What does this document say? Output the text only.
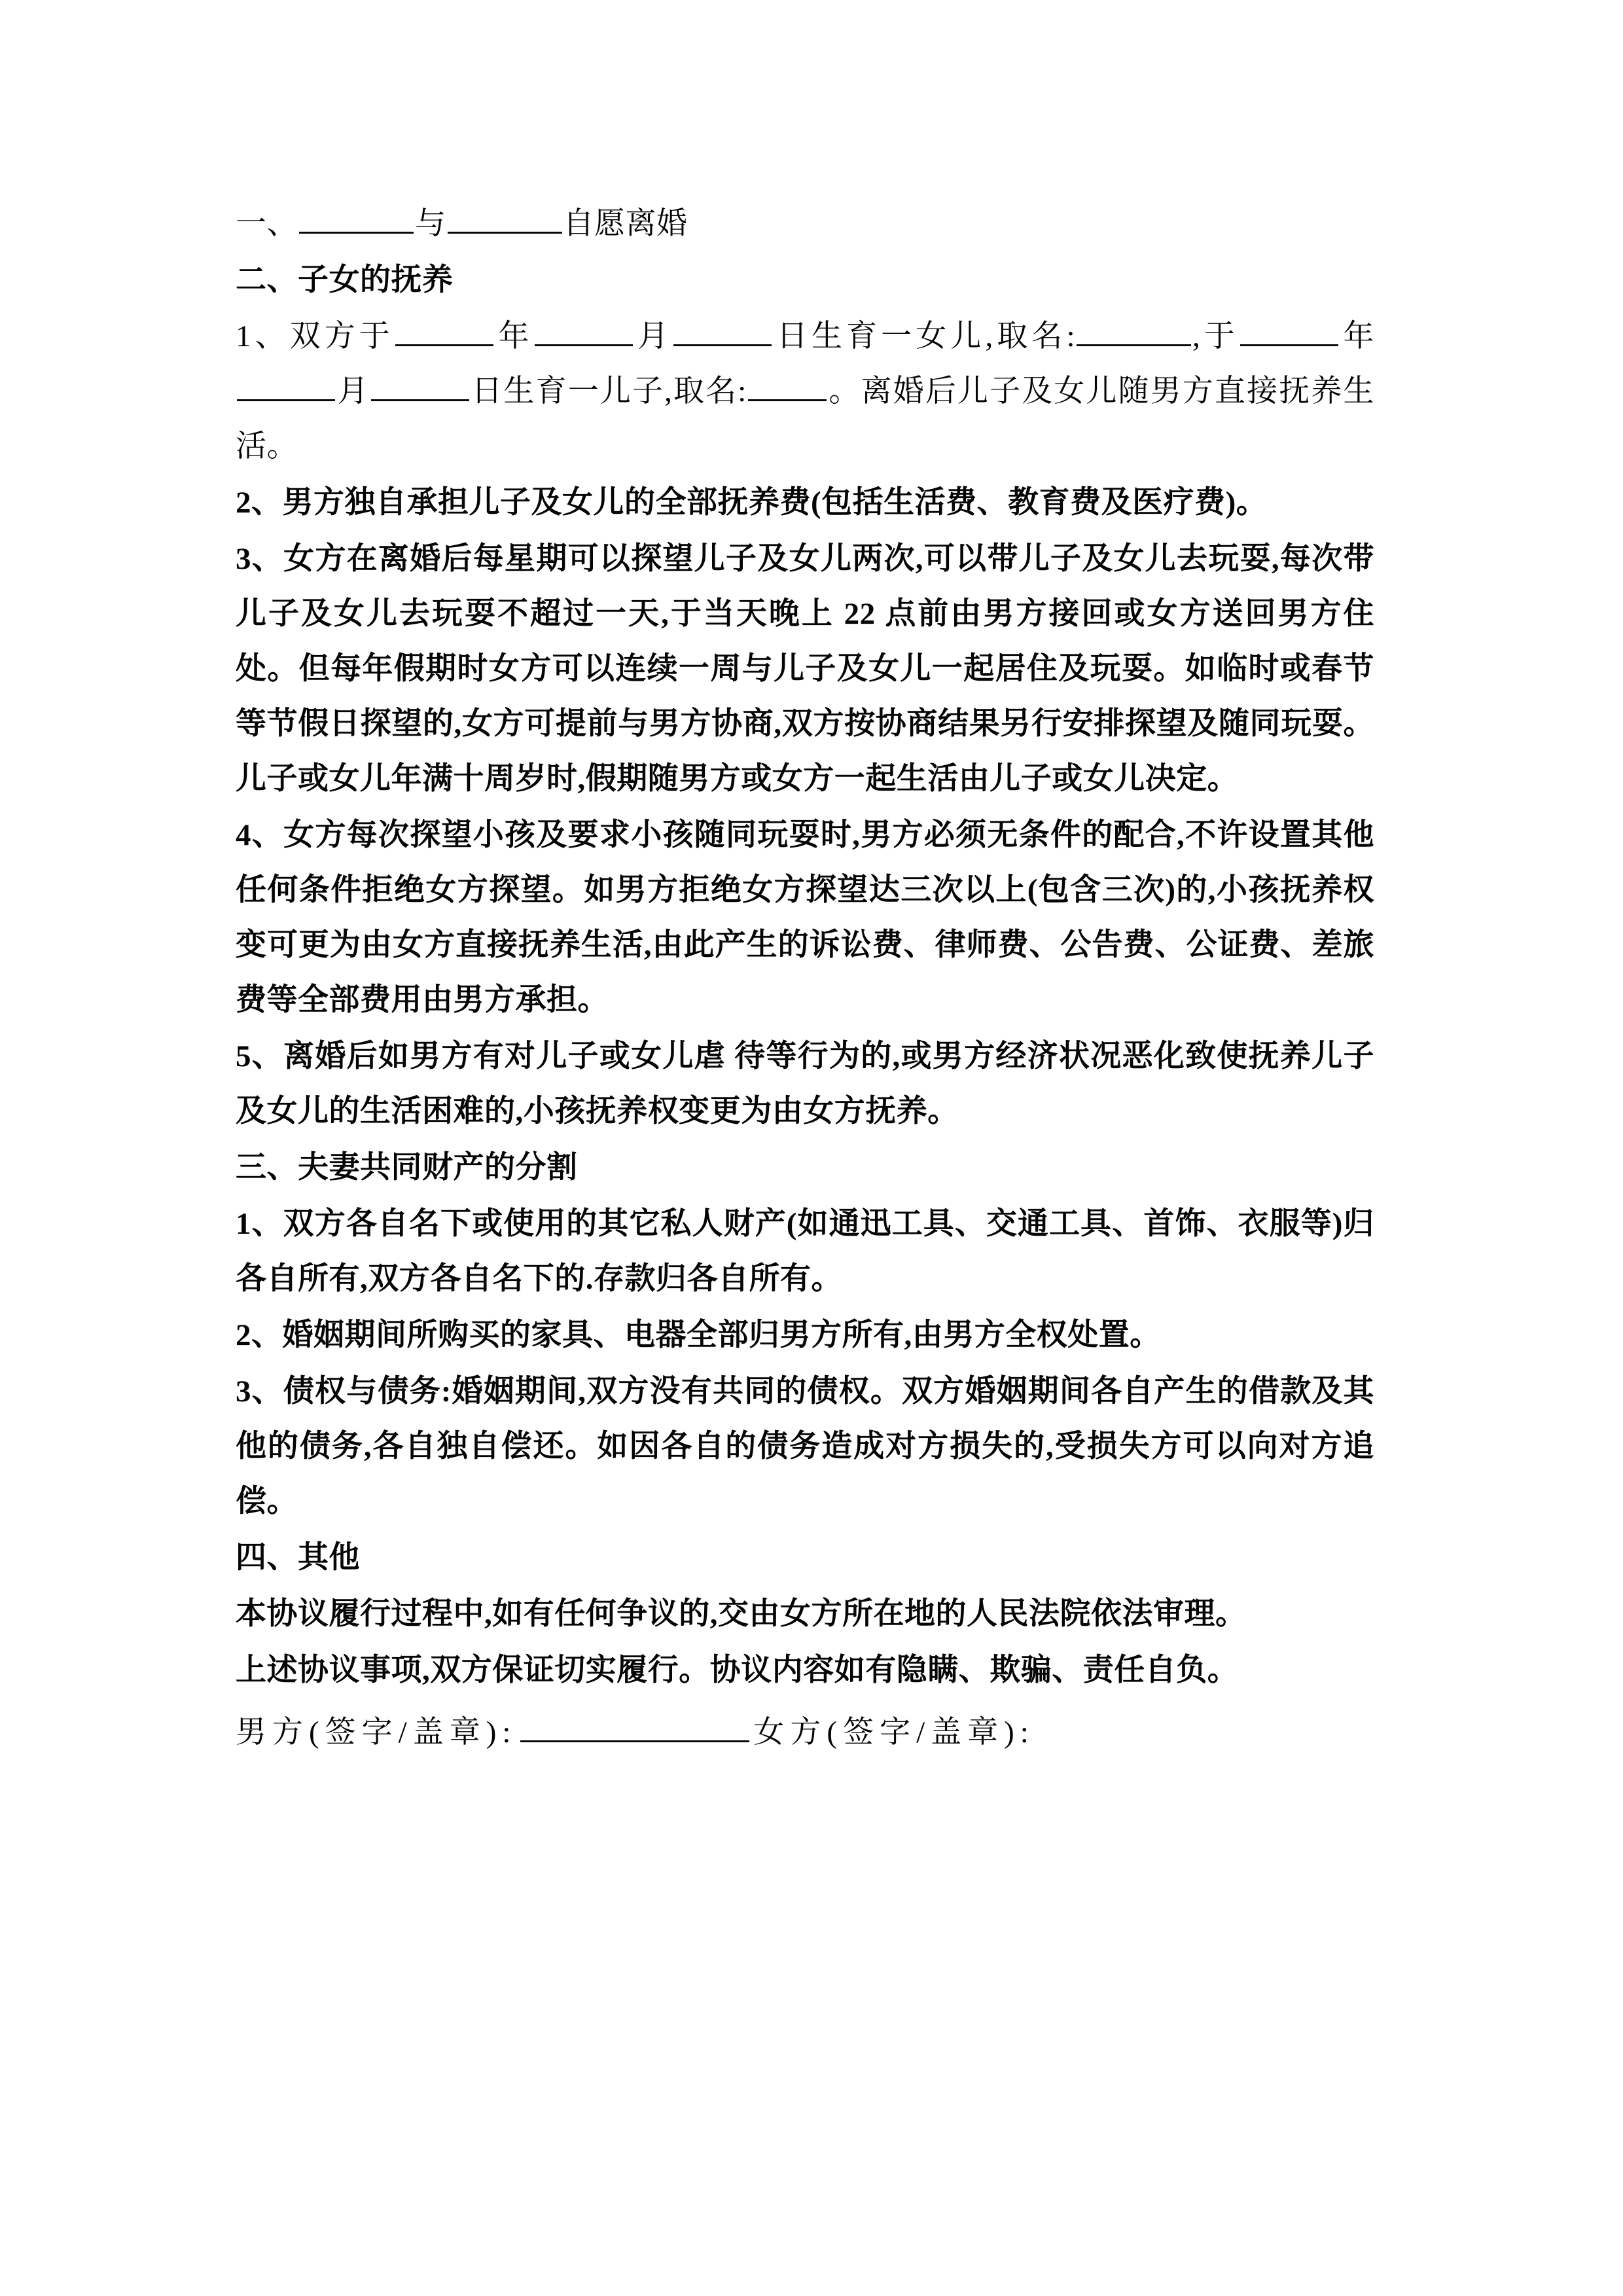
一、	与	自愿离婚

二、子女的抚养

1、双方于	年	月	日生育一女儿,取名:	,于	年月	日生育一儿子,取名:	。离婚后儿子及女儿随男方直接抚养生活。

2、男方独自承担儿子及女儿的全部抚养费(包括生活费、教育费及医疗费)。

3、女方在离婚后每星期可以探望儿子及女儿两次,可以带儿子及女儿去玩耍,每次带儿子及女儿去玩耍不超过一天,于当天晚上 22 点前由男方接回或女方送回男方住处。但每年假期时女方可以连续一周与儿子及女儿一起居住及玩耍。如临时或春节等节假日探望的,女方可提前与男方协商,双方按协商结果另行安排探望及随同玩耍。儿子或女儿年满十周岁时,假期随男方或女方一起生活由儿子或女儿决定。

4、女方每次探望小孩及要求小孩随同玩耍时,男方必须无条件的配合,不许设置其他任何条件拒绝女方探望。如男方拒绝女方探望达三次以上(包含三次)的,小孩抚养权变可更为由女方直接抚养生活,由此产生的诉讼费、律师费、公告费、公证费、差旅费等全部费用由男方承担。

5、离婚后如男方有对儿子或女儿虐 待等行为的,或男方经济状况恶化致使抚养儿子及女儿的生活困难的,小孩抚养权变更为由女方抚养。

三、夫妻共同财产的分割

1、双方各自名下或使用的其它私人财产(如通迅工具、交通工具、首饰、衣服等)归各自所有,双方各自名下的.存款归各自所有。

2、婚姻期间所购买的家具、电器全部归男方所有,由男方全权处置。

3、债权与债务:婚姻期间,双方没有共同的债权。双方婚姻期间各自产生的借款及其他的债务,各自独自偿还。如因各自的债务造成对方损失的,受损失方可以向对方追偿。

四、其他

本协议履行过程中,如有任何争议的,交由女方所在地的人民法院依法审理。

上述协议事项,双方保证切实履行。协议内容如有隐瞒、欺骗、责任自负。

男方(签字/盖章):	女方(签字/盖章):
